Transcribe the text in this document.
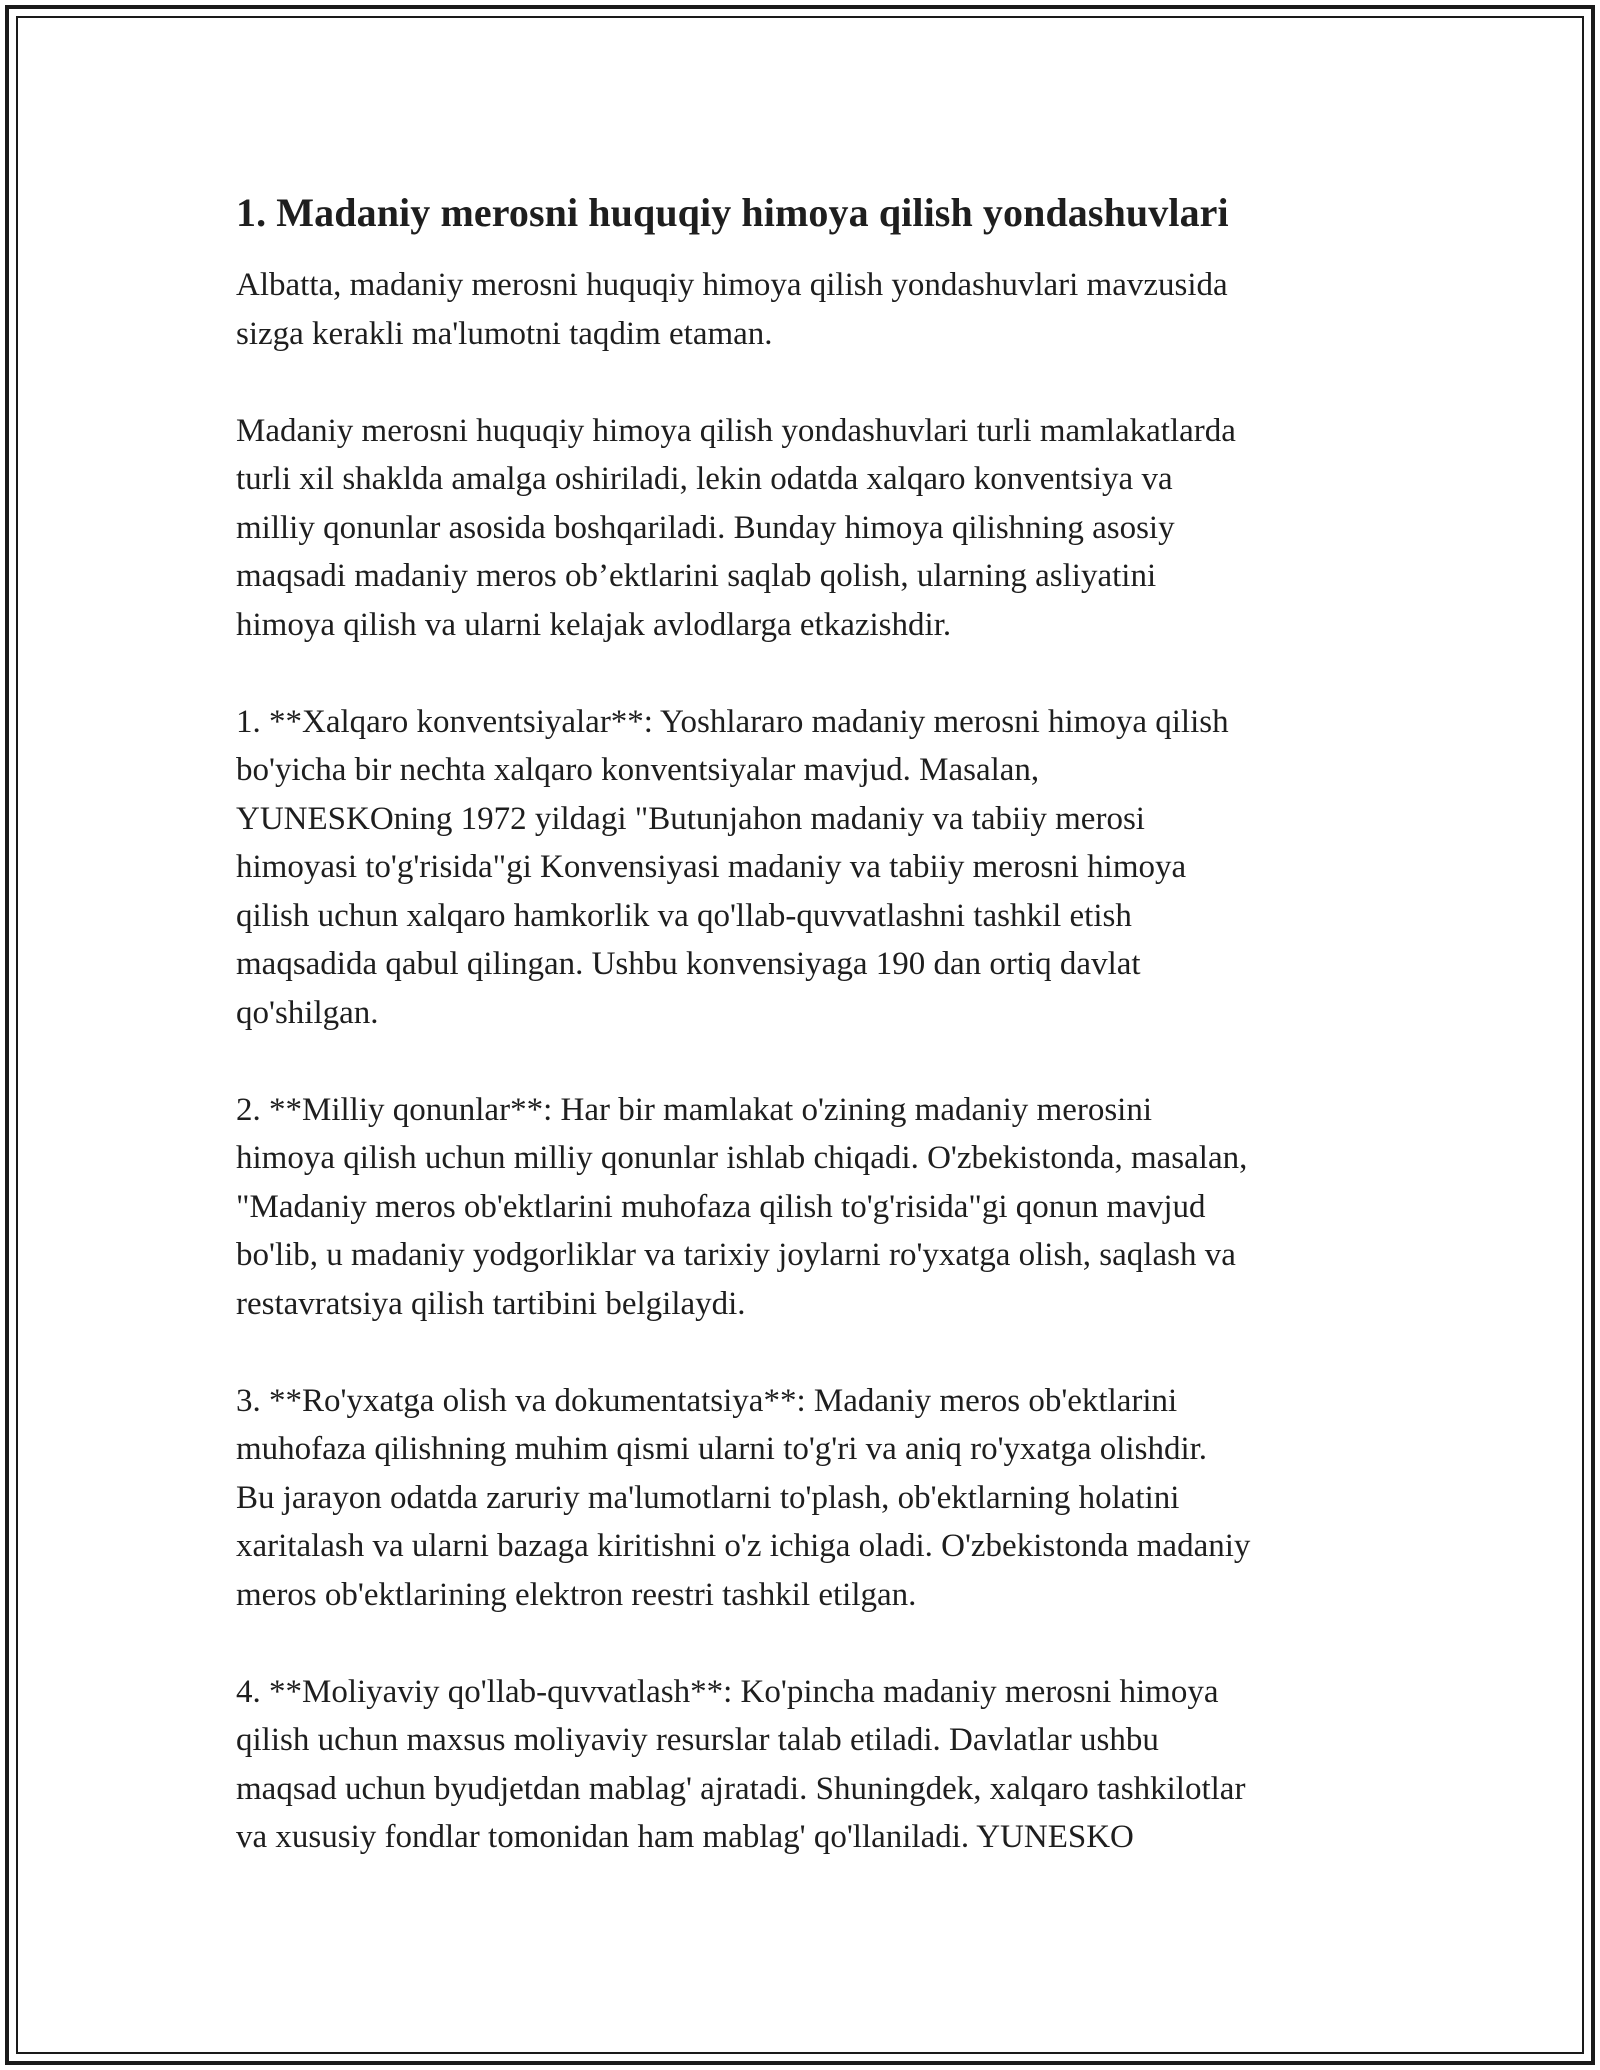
1. Madaniy merosni huquqiy himoya qilish yondashuvlari

Albatta, madaniy merosni huquqiy himoya qilish yondashuvlari mavzusida
sizga kerakli ma'lumotni taqdim etaman.

Madaniy merosni huquqiy himoya qilish yondashuvlari turli mamlakatlarda
turli xil shaklda amalga oshiriladi, lekin odatda xalqaro konventsiya va
milliy qonunlar asosida boshqariladi. Bunday himoya qilishning asosiy
maqsadi madaniy meros ob’ektlarini saqlab qolish, ularning asliyatini
himoya qilish va ularni kelajak avlodlarga etkazishdir.

1. **Xalqaro konventsiyalar**: Yoshlararo madaniy merosni himoya qilish
bo'yicha bir nechta xalqaro konventsiyalar mavjud. Masalan,
YUNESKOning 1972 yildagi "Butunjahon madaniy va tabiiy merosi
himoyasi to'g'risida"gi Konvensiyasi madaniy va tabiiy merosni himoya
qilish uchun xalqaro hamkorlik va qo'llab-quvvatlashni tashkil etish
maqsadida qabul qilingan. Ushbu konvensiyaga 190 dan ortiq davlat
qo'shilgan.

2. **Milliy qonunlar**: Har bir mamlakat o'zining madaniy merosini
himoya qilish uchun milliy qonunlar ishlab chiqadi. O'zbekistonda, masalan,
"Madaniy meros ob'ektlarini muhofaza qilish to'g'risida"gi qonun mavjud
bo'lib, u madaniy yodgorliklar va tarixiy joylarni ro'yxatga olish, saqlash va
restavratsiya qilish tartibini belgilaydi.

3. **Ro'yxatga olish va dokumentatsiya**: Madaniy meros ob'ektlarini
muhofaza qilishning muhim qismi ularni to'g'ri va aniq ro'yxatga olishdir.
Bu jarayon odatda zaruriy ma'lumotlarni to'plash, ob'ektlarning holatini
xaritalash va ularni bazaga kiritishni o'z ichiga oladi. O'zbekistonda madaniy
meros ob'ektlarining elektron reestri tashkil etilgan.

4. **Moliyaviy qo'llab-quvvatlash**: Ko'pincha madaniy merosni himoya
qilish uchun maxsus moliyaviy resurslar talab etiladi. Davlatlar ushbu
maqsad uchun byudjetdan mablag' ajratadi. Shuningdek, xalqaro tashkilotlar
va xususiy fondlar tomonidan ham mablag' qo'llaniladi. YUNESKO
